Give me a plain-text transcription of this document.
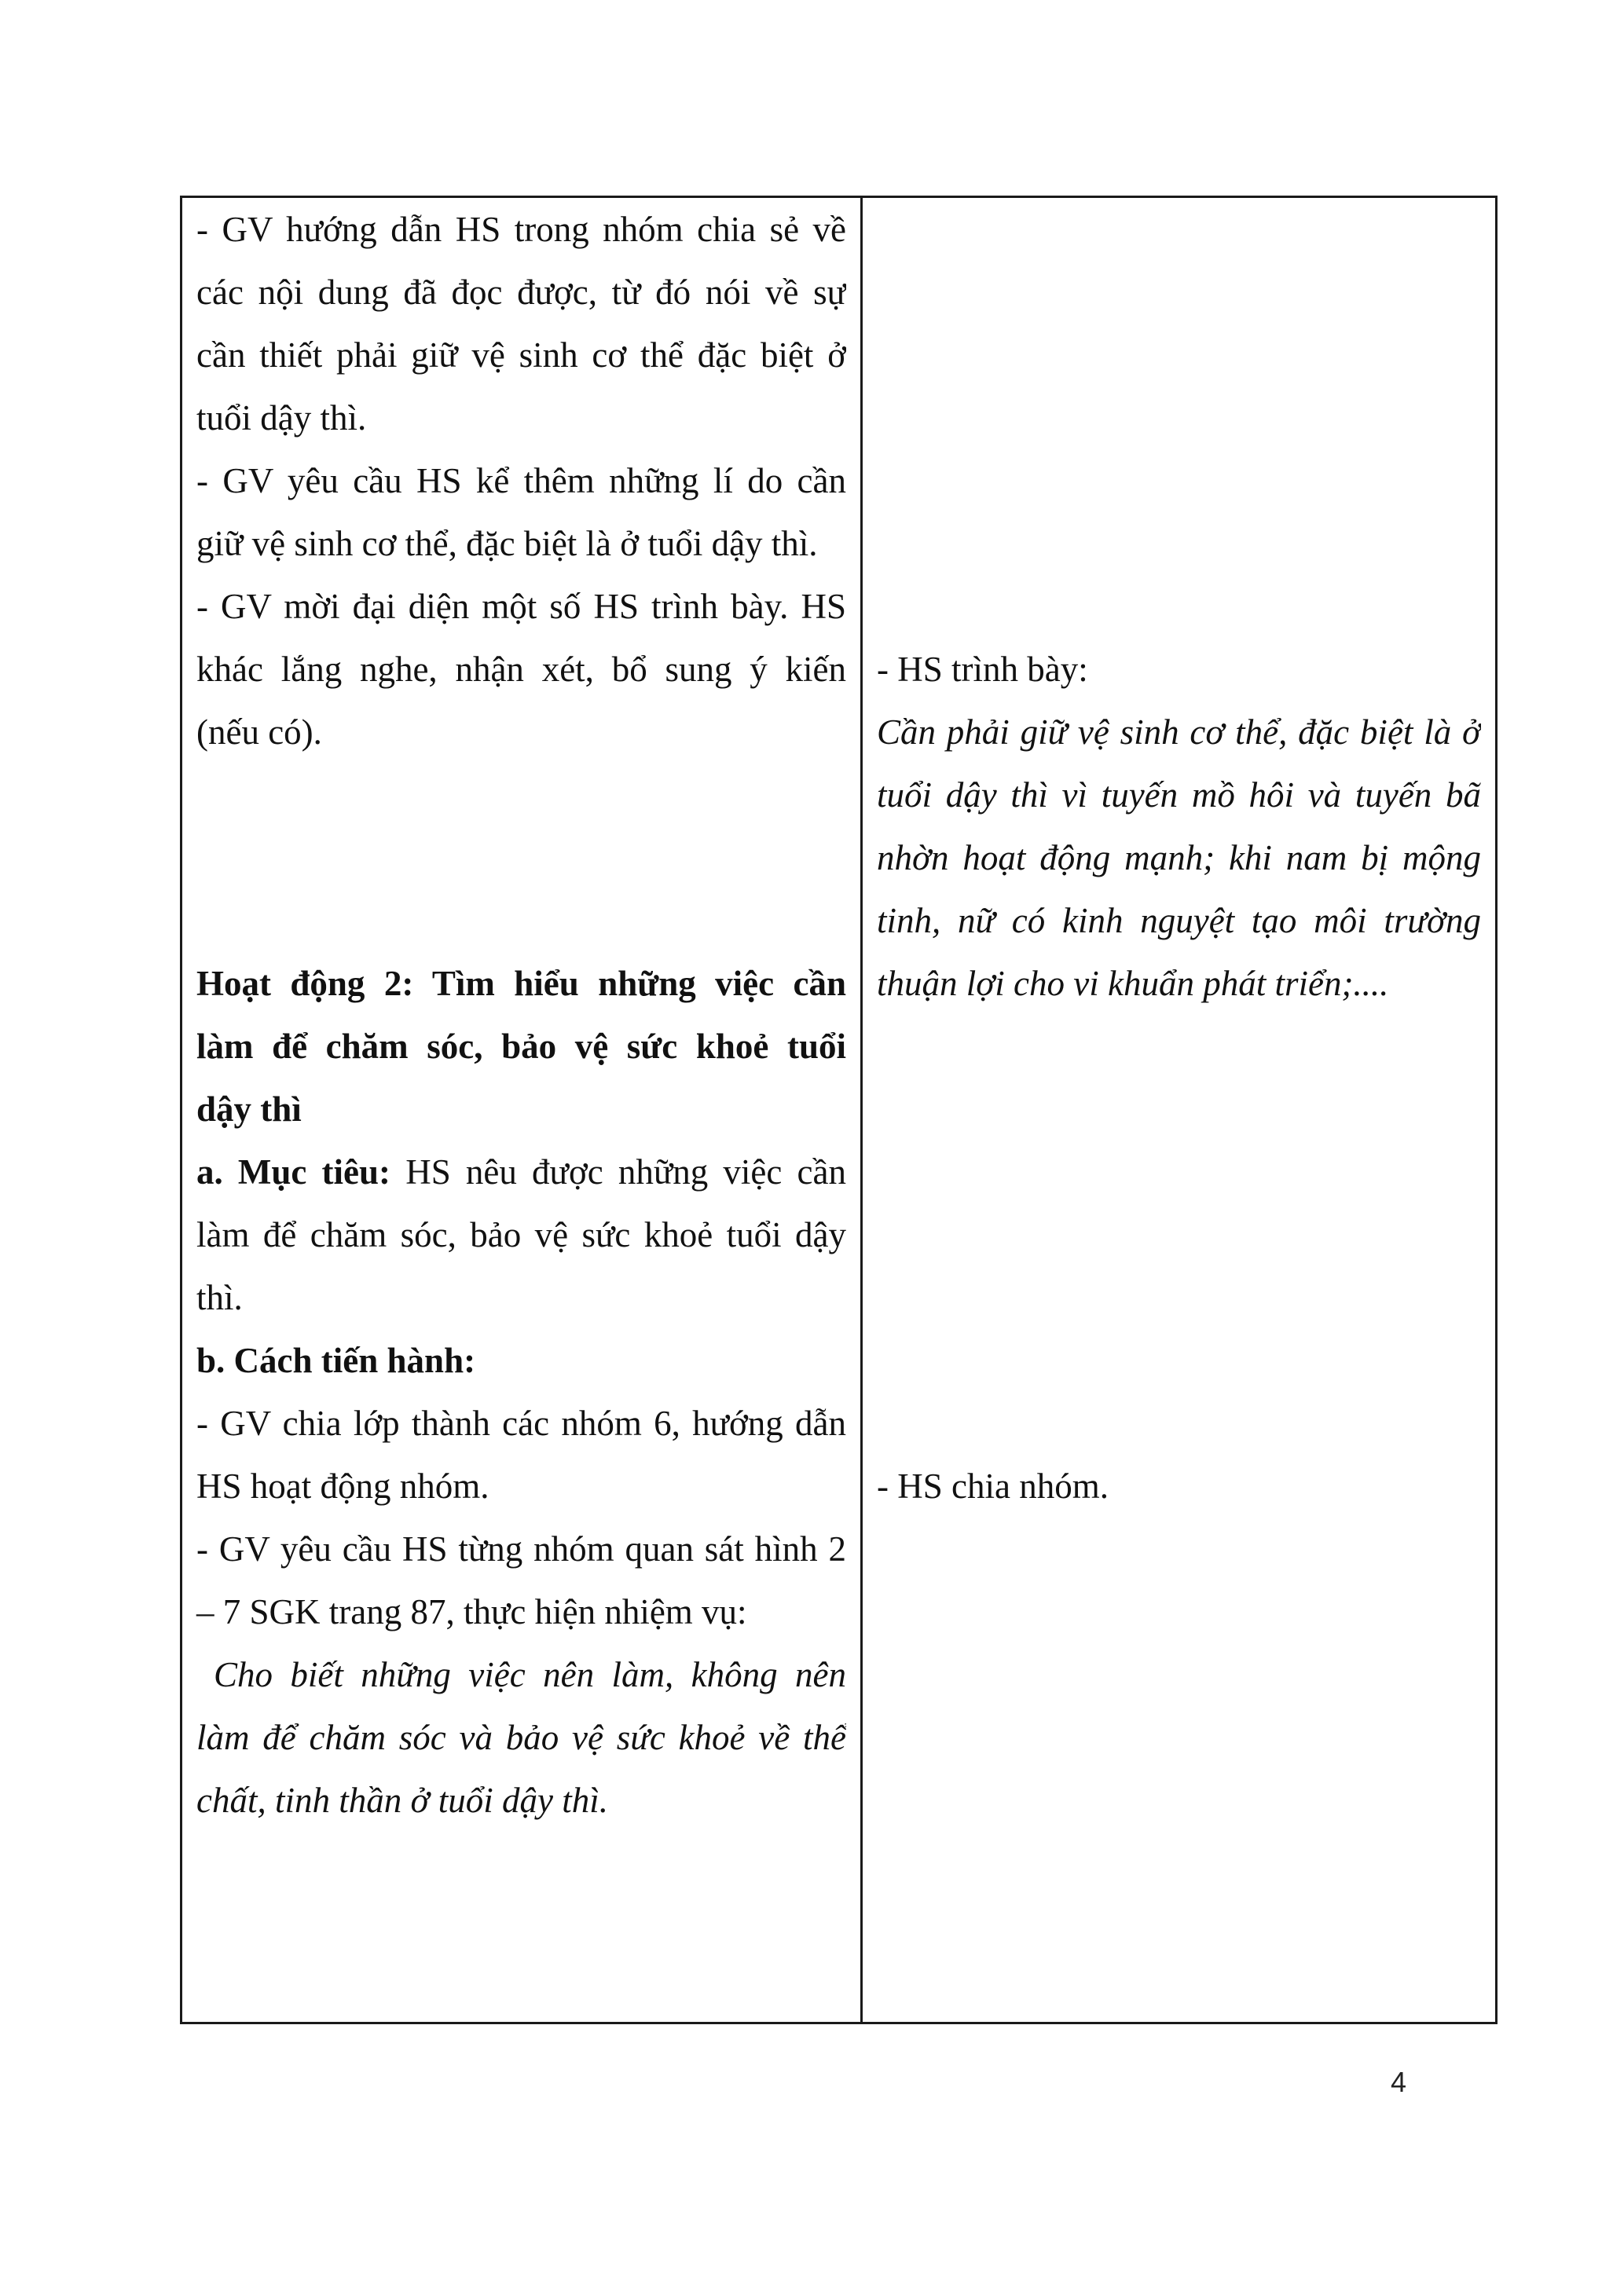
- GV hướng dẫn HS trong nhóm chia sẻ về
các nội dung đã đọc được, từ đó nói về sự
cần thiết phải giữ vệ sinh cơ thể đặc biệt ở
tuổi dậy thì.
- GV yêu cầu HS kể thêm những lí do cần
giữ vệ sinh cơ thể, đặc biệt là ở tuổi dậy thì.
- GV mời đại diện một số HS trình bày. HS
khác lắng nghe, nhận xét, bổ sung ý kiến
(nếu có).
Hoạt động 2: Tìm hiểu những việc cần
làm để chăm sóc, bảo vệ sức khoẻ tuổi
dậy thì
a. Mục tiêu: HS nêu được những việc cần
làm để chăm sóc, bảo vệ sức khoẻ tuổi dậy
thì.
b. Cách tiến hành:
- GV chia lớp thành các nhóm 6, hướng dẫn
HS hoạt động nhóm.
- GV yêu cầu HS từng nhóm quan sát hình 2
– 7 SGK trang 87, thực hiện nhiệm vụ:
Cho biết những việc nên làm, không nên
làm để chăm sóc và bảo vệ sức khoẻ về thể
chất, tinh thần ở tuổi dậy thì.
- HS trình bày:
Cần phải giữ vệ sinh cơ thể, đặc biệt là ở
tuổi dậy thì vì tuyến mồ hôi và tuyến bã
nhờn hoạt động mạnh; khi nam bị mộng
tinh, nữ có kinh nguyệt tạo môi trường
thuận lợi cho vi khuẩn phát triển;....
- HS chia nhóm.
4
